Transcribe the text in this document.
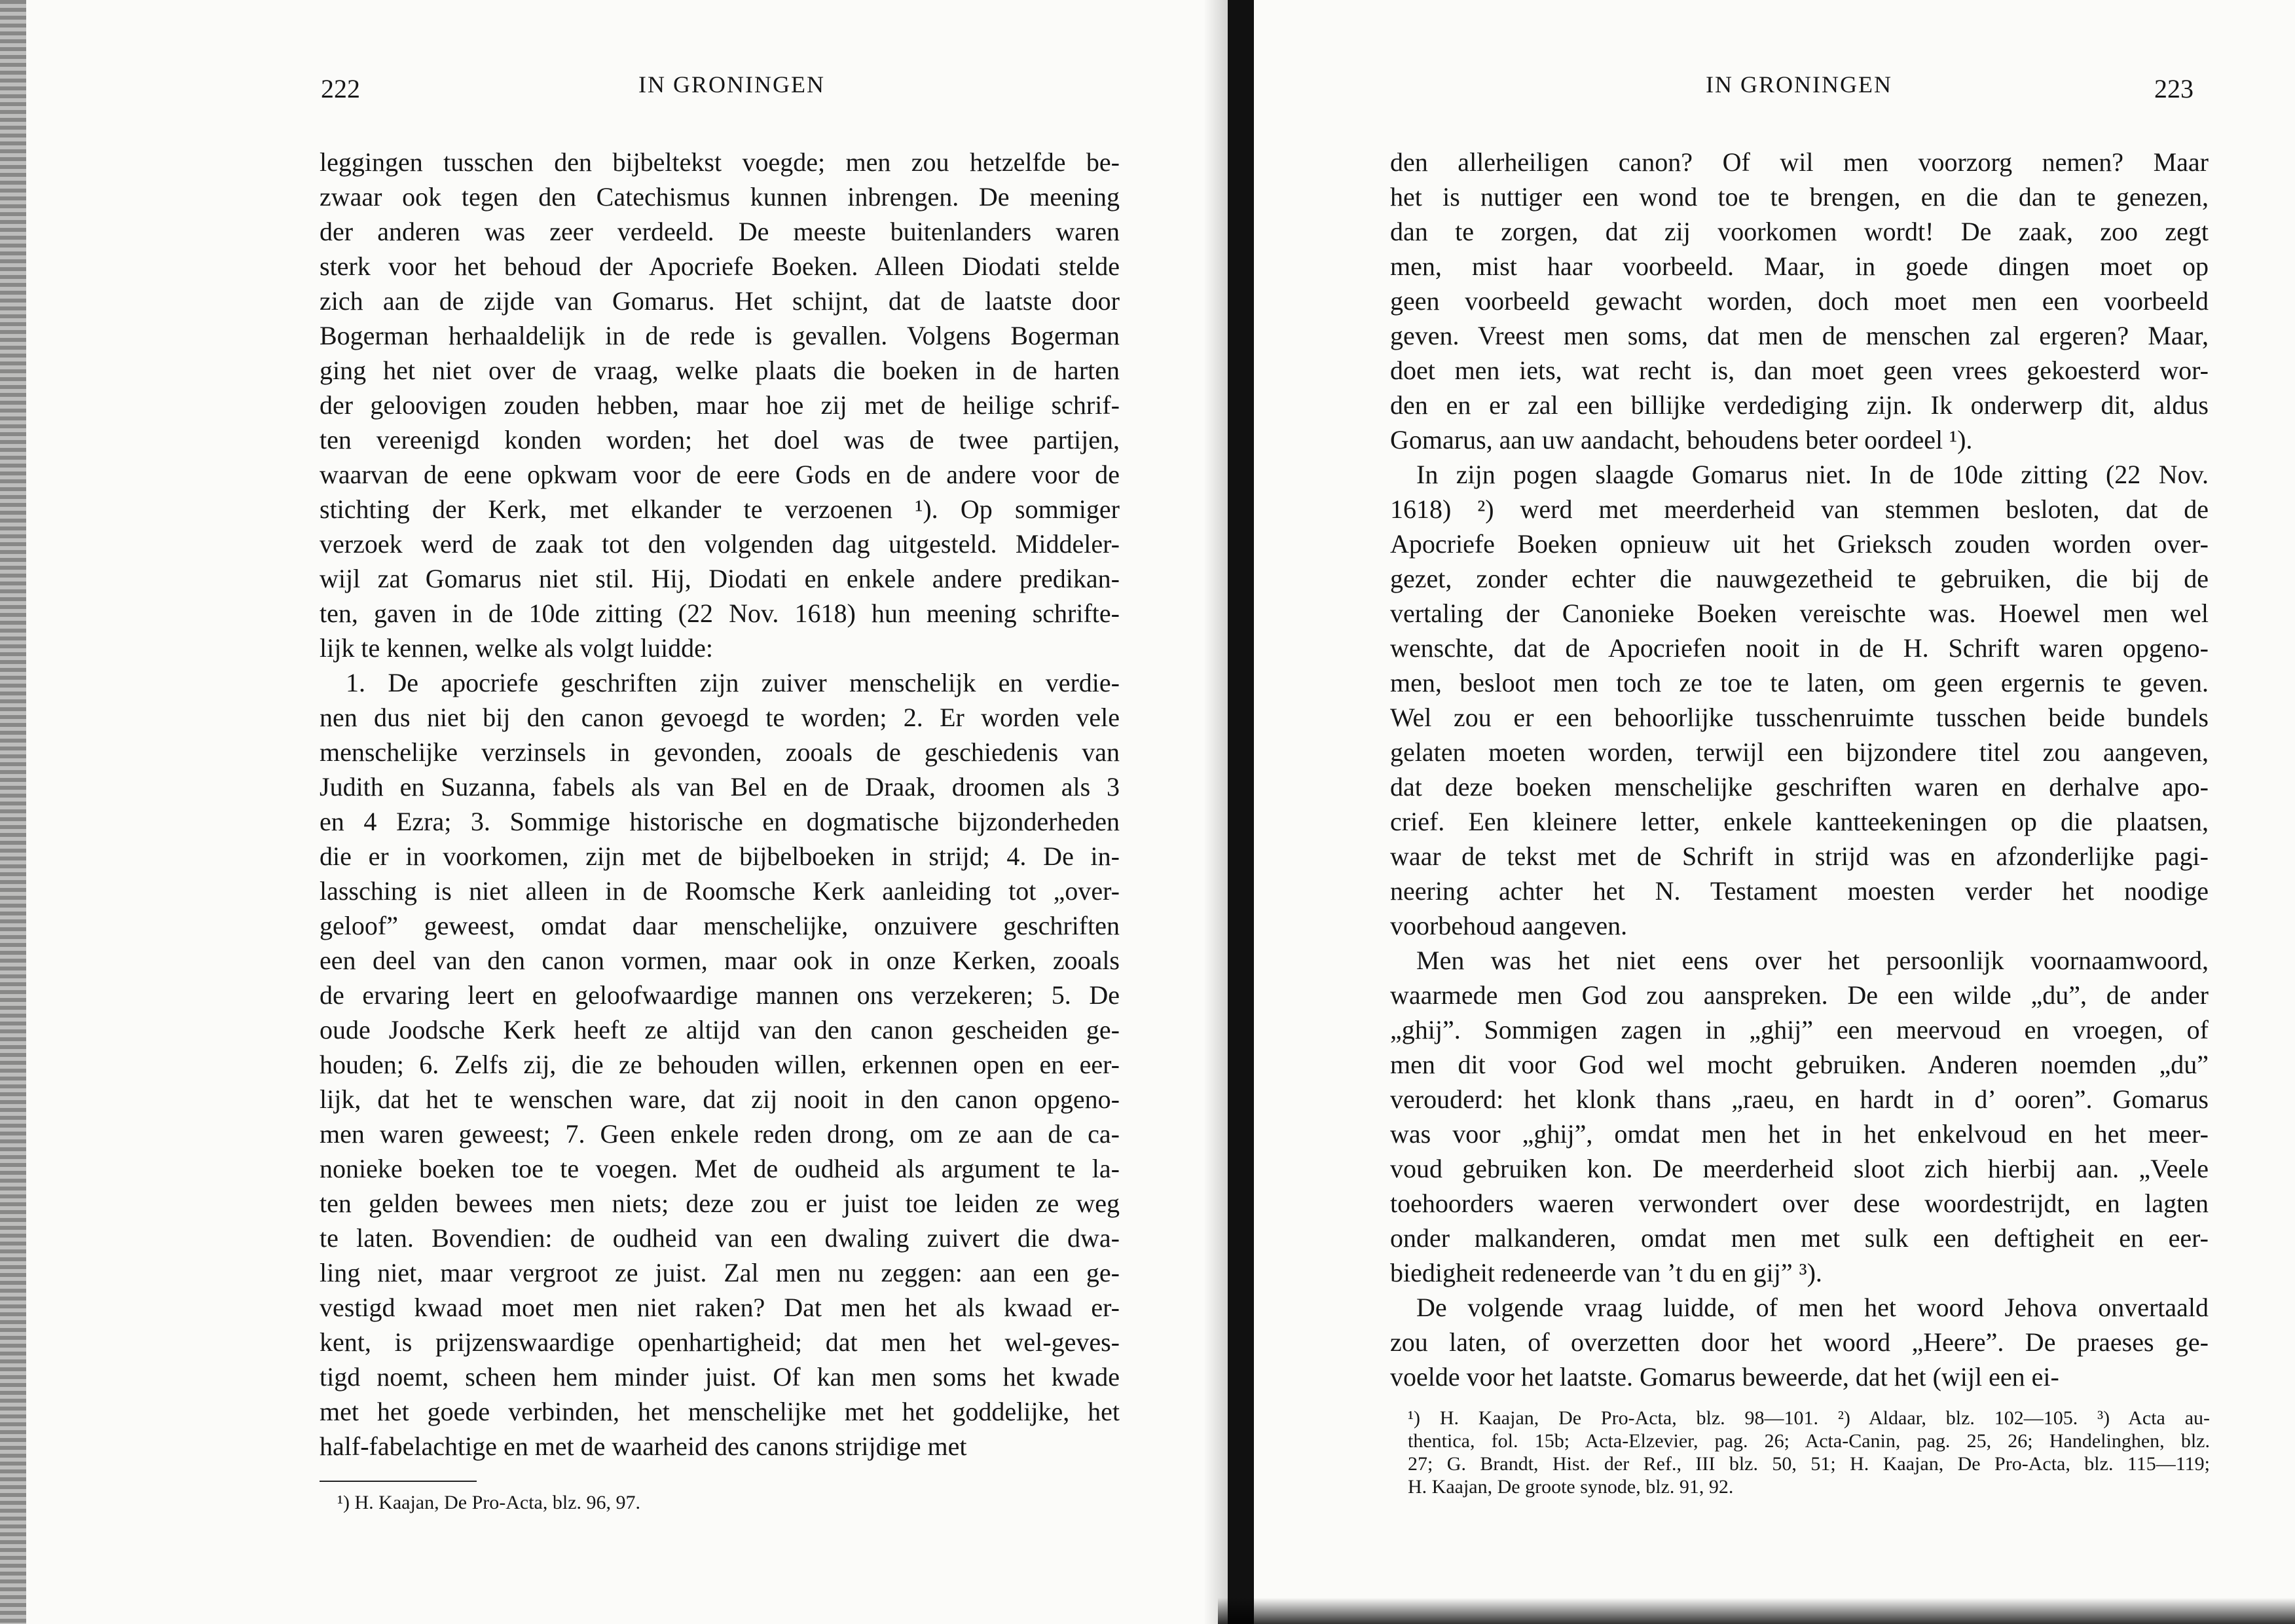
222	IN GRONINGEN
leggingen tusschen den bijbeltekst voegde; men zou hetzelfde be-
zwaar ook tegen den Catechismus kunnen inbrengen. De meening
der anderen was zeer verdeeld. De meeste buitenlanders waren
sterk voor het behoud der Apocriefe Boeken. Alleen Diodati stelde
zich aan de zijde van Gomarus. Het schijnt, dat de laatste door
Bogerman herhaaldelijk in de rede is gevallen. Volgens Bogerman
ging het niet over de vraag, welke plaats die boeken in de harten
der geloovigen zouden hebben, maar hoe zij met de heilige schrif-
ten vereenigd konden worden; het doel was de twee partijen,
waarvan de eene opkwam voor de eere Gods en de andere voor de
stichting der Kerk, met elkander te verzoenen ¹). Op sommiger
verzoek werd de zaak tot den volgenden dag uitgesteld. Middeler-
wijl zat Gomarus niet stil. Hij, Diodati en enkele andere predikan-
ten, gaven in de 10de zitting (22 Nov. 1618) hun meening schrifte-
lijk te kennen, welke als volgt luidde:
1. De apocriefe geschriften zijn zuiver menschelijk en verdie-
nen dus niet bij den canon gevoegd te worden; 2. Er worden vele
menschelijke verzinsels in gevonden, zooals de geschiedenis van
Judith en Suzanna, fabels als van Bel en de Draak, droomen als 3
en 4 Ezra; 3. Sommige historische en dogmatische bijzonderheden
die er in voorkomen, zijn met de bijbelboeken in strijd; 4. De in-
lassching is niet alleen in de Roomsche Kerk aanleiding tot „over-
geloof” geweest, omdat daar menschelijke, onzuivere geschriften
een deel van den canon vormen, maar ook in onze Kerken, zooals
de ervaring leert en geloofwaardige mannen ons verzekeren; 5. De
oude Joodsche Kerk heeft ze altijd van den canon gescheiden ge-
houden; 6. Zelfs zij, die ze behouden willen, erkennen open en eer-
lijk, dat het te wenschen ware, dat zij nooit in den canon opgeno-
men waren geweest; 7. Geen enkele reden drong, om ze aan de ca-
nonieke boeken toe te voegen. Met de oudheid als argument te la-
ten gelden bewees men niets; deze zou er juist toe leiden ze weg
te laten. Bovendien: de oudheid van een dwaling zuivert die dwa-
ling niet, maar vergroot ze juist. Zal men nu zeggen: aan een ge-
vestigd kwaad moet men niet raken? Dat men het als kwaad er-
kent, is prijzenswaardige openhartigheid; dat men het wel-geves-
tigd noemt, scheen hem minder juist. Of kan men soms het kwade
met het goede verbinden, het menschelijke met het goddelijke, het
half-fabelachtige en met de waarheid des canons strijdige met
¹) H. Kaajan, De Pro-Acta, blz. 96, 97.
IN GRONINGEN	223
den allerheiligen canon? Of wil men voorzorg nemen? Maar
het is nuttiger een wond toe te brengen, en die dan te genezen,
dan te zorgen, dat zij voorkomen wordt! De zaak, zoo zegt
men, mist haar voorbeeld. Maar, in goede dingen moet op
geen voorbeeld gewacht worden, doch moet men een voorbeeld
geven. Vreest men soms, dat men de menschen zal ergeren? Maar,
doet men iets, wat recht is, dan moet geen vrees gekoesterd wor-
den en er zal een billijke verdediging zijn. Ik onderwerp dit, aldus
Gomarus, aan uw aandacht, behoudens beter oordeel ¹).
In zijn pogen slaagde Gomarus niet. In de 10de zitting (22 Nov.
1618) ²) werd met meerderheid van stemmen besloten, dat de
Apocriefe Boeken opnieuw uit het Grieksch zouden worden over-
gezet, zonder echter die nauwgezetheid te gebruiken, die bij de
vertaling der Canonieke Boeken vereischte was. Hoewel men wel
wenschte, dat de Apocriefen nooit in de H. Schrift waren opgeno-
men, besloot men toch ze toe te laten, om geen ergernis te geven.
Wel zou er een behoorlijke tusschenruimte tusschen beide bundels
gelaten moeten worden, terwijl een bijzondere titel zou aangeven,
dat deze boeken menschelijke geschriften waren en derhalve apo-
crief. Een kleinere letter, enkele kantteekeningen op die plaatsen,
waar de tekst met de Schrift in strijd was en afzonderlijke pagi-
neering achter het N. Testament moesten verder het noodige
voorbehoud aangeven.
Men was het niet eens over het persoonlijk voornaamwoord,
waarmede men God zou aanspreken. De een wilde „du”, de ander
„ghij”. Sommigen zagen in „ghij” een meervoud en vroegen, of
men dit voor God wel mocht gebruiken. Anderen noemden „du”
verouderd: het klonk thans „raeu, en hardt in d’ ooren”. Gomarus
was voor „ghij”, omdat men het in het enkelvoud en het meer-
voud gebruiken kon. De meerderheid sloot zich hierbij aan. „Veele
toehoorders waeren verwondert over dese woordestrijdt, en lagten
onder malkanderen, omdat men met sulk een deftigheit en eer-
biedigheit redeneerde van ’t du en gij” ³).
De volgende vraag luidde, of men het woord Jehova onvertaald
zou laten, of overzetten door het woord „Heere”. De praeses ge-
voelde voor het laatste. Gomarus beweerde, dat het (wijl een ei-
¹) H. Kaajan, De Pro-Acta, blz. 98—101. ²) Aldaar, blz. 102—105. ³) Acta au-
thentica, fol. 15b; Acta-Elzevier, pag. 26; Acta-Canin, pag. 25, 26; Handelinghen, blz.
27; G. Brandt, Hist. der Ref., III blz. 50, 51; H. Kaajan, De Pro-Acta, blz. 115—119;
H. Kaajan, De groote synode, blz. 91, 92.
